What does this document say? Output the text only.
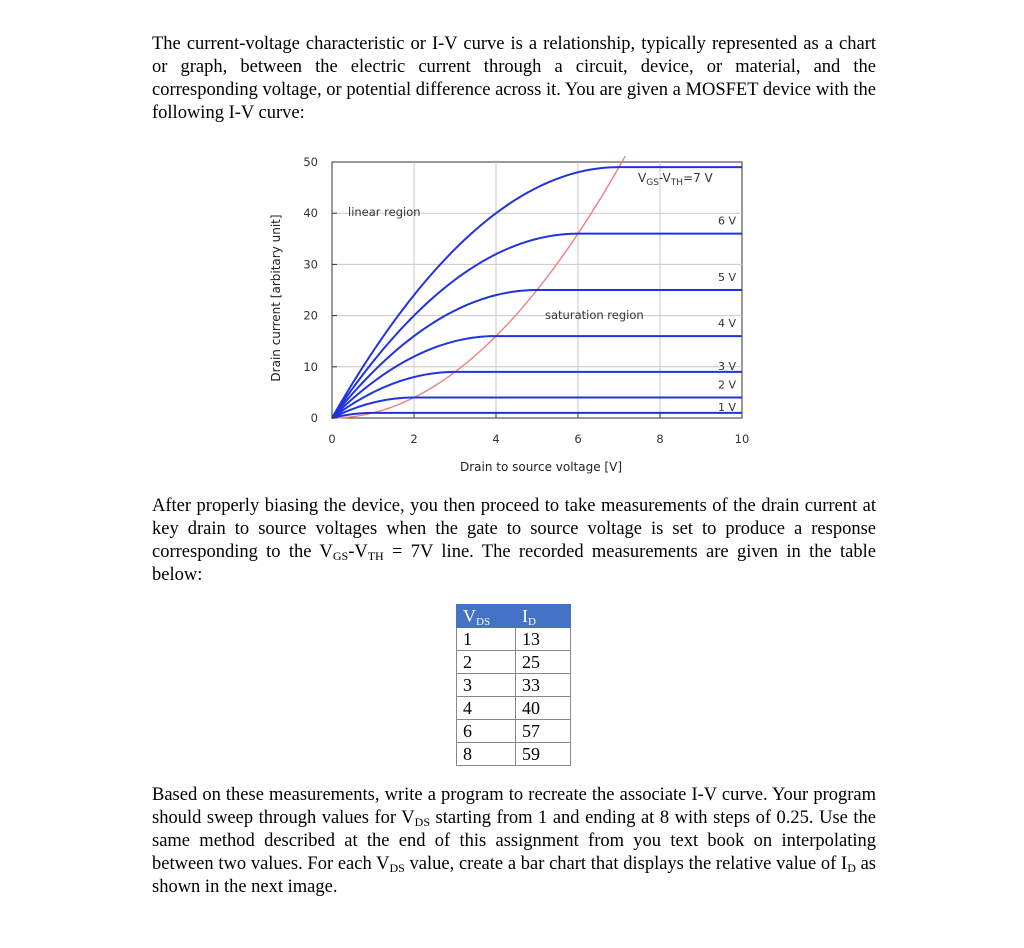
The current-voltage characteristic or I-V curve is a relationship, typically represented as a chart or graph, between the electric current through a circuit, device, or material, and the corresponding voltage, or potential difference across it. You are given a MOSFET device with the following I-V curve:
0	2	4	6	8	10
0
10
20
30
40
50
1 V
2 V
3 V
4 V
5 V
6 V
linear region
saturation region
$V_{GS}-V_{TH}=7$ V
Drain to source voltage [V]
Drain current [arbitary unit]
After properly biasing the device, you then proceed to take measurements of the drain current at key drain to source voltages when the gate to source voltage is set to produce a response corresponding to the $V_{GS}-V_{TH} = 7V$ line. The recorded measurements are given in the table below:
$V_{DS}$	$I_D$
1	13
2	25
3	33
4	40
6	57
8	59
Based on these measurements, write a program to recreate the associate I-V curve. Your program should sweep through values for $V_{DS}$ starting from 1 and ending at 8 with steps of 0.25. Use the same method described at the end of this assignment from you text book on interpolating between two values. For each $V_{DS}$ value, create a bar chart that displays the relative value of $I_D$ as shown in the next image.
